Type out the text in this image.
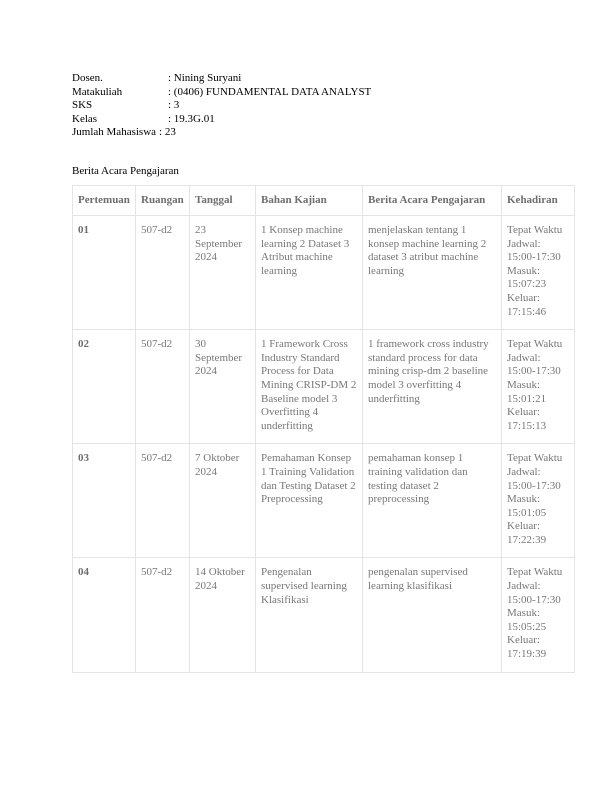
Dosen.	: Nining Suryani
Matakuliah	: (0406) FUNDAMENTAL DATA ANALYST
SKS	: 3
Kelas	: 19.3G.01
Jumlah Mahasiswa : 23
Berita Acara Pengajaran
Pertemuan	Ruangan	Tanggal	Bahan Kajian	Berita Acara Pengajaran	Kehadiran
01	507-d2	23 September 2024	1 Konsep machine learning 2 Dataset 3 Atribut machine learning	menjelaskan tentang 1 konsep machine learning 2 dataset 3 atribut machine learning	Tepat Waktu Jadwal: 15:00-17:30 Masuk: 15:07:23 Keluar: 17:15:46
02	507-d2	30 September 2024	1 Framework Cross Industry Standard Process for Data Mining CRISP-DM 2 Baseline model 3 Overfitting 4 underfitting	1 framework cross industry standard process for data mining crisp-dm 2 baseline model 3 overfitting 4 underfitting	Tepat Waktu Jadwal: 15:00-17:30 Masuk: 15:01:21 Keluar: 17:15:13
03	507-d2	7 Oktober 2024	Pemahaman Konsep 1 Training Validation dan Testing Dataset 2 Preprocessing	pemahaman konsep 1 training validation dan testing dataset 2 preprocessing	Tepat Waktu Jadwal: 15:00-17:30 Masuk: 15:01:05 Keluar: 17:22:39
04	507-d2	14 Oktober 2024	Pengenalan supervised learning Klasifikasi	pengenalan supervised learning klasifikasi	Tepat Waktu Jadwal: 15:00-17:30 Masuk: 15:05:25 Keluar: 17:19:39
